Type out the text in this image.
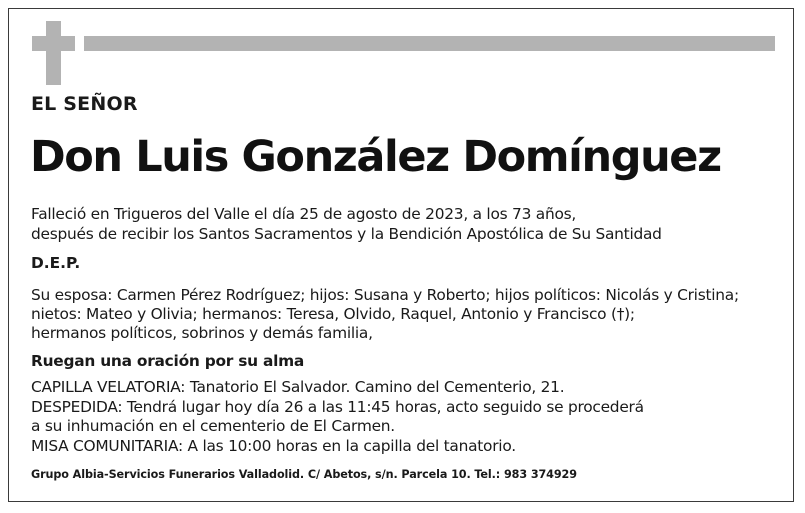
EL SEÑOR
Don Luis González Domínguez
Falleció en Trigueros del Valle el día 25 de agosto de 2023, a los 73 años,
después de recibir los Santos Sacramentos y la Bendición Apostólica de Su Santidad
D.E.P.
Su esposa: Carmen Pérez Rodríguez; hijos: Susana y Roberto; hijos políticos: Nicolás y Cristina;
nietos: Mateo y Olivia; hermanos: Teresa, Olvido, Raquel, Antonio y Francisco (†);
hermanos políticos, sobrinos y demás familia,
Ruegan una oración por su alma
CAPILLA VELATORIA: Tanatorio El Salvador. Camino del Cementerio, 21.
DESPEDIDA: Tendrá lugar hoy día 26 a las 11:45 horas, acto seguido se procederá
a su inhumación en el cementerio de El Carmen.
MISA COMUNITARIA: A las 10:00 horas en la capilla del tanatorio.
Grupo Albia-Servicios Funerarios Valladolid. C/ Abetos, s/n. Parcela 10. Tel.: 983 374929
